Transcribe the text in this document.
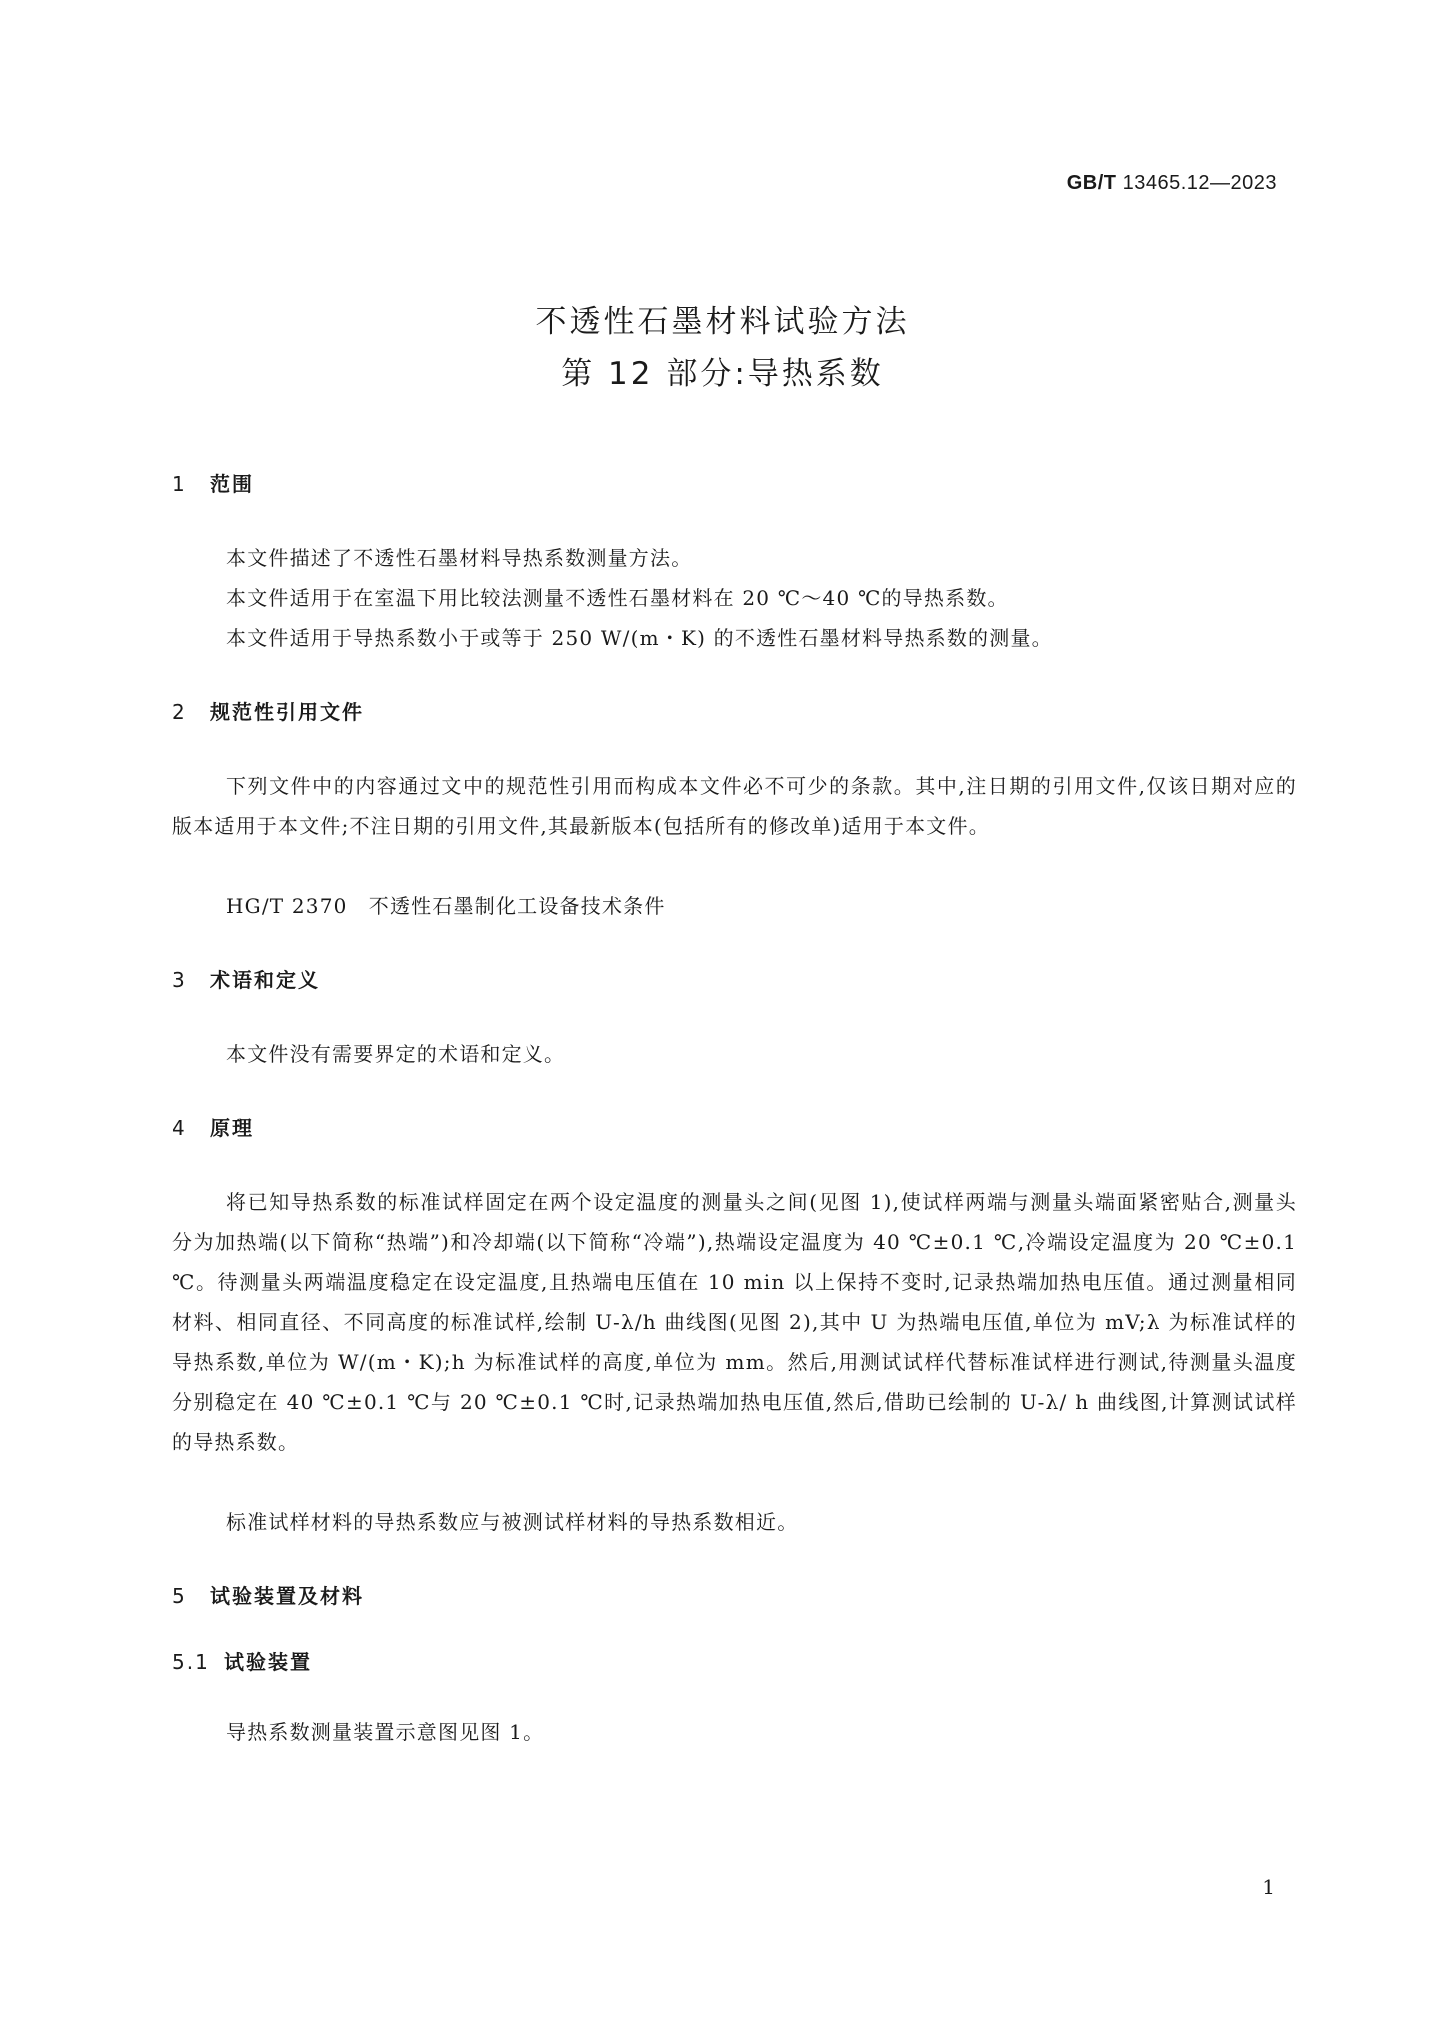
GB/T 13465.12—2023
不透性石墨材料试验方法
第 12 部分:导热系数
1 范围
本文件描述了不透性石墨材料导热系数测量方法。
本文件适用于在室温下用比较法测量不透性石墨材料在 20 ℃～40 ℃的导热系数。
本文件适用于导热系数小于或等于 250 W/(m・K) 的不透性石墨材料导热系数的测量。
2 规范性引用文件
下列文件中的内容通过文中的规范性引用而构成本文件必不可少的条款。其中,注日期的引用文件,仅该日期对应的版本适用于本文件;不注日期的引用文件,其最新版本(包括所有的修改单)适用于本文件。
HG/T 2370　不透性石墨制化工设备技术条件
3 术语和定义
本文件没有需要界定的术语和定义。
4 原理
将已知导热系数的标准试样固定在两个设定温度的测量头之间(见图 1),使试样两端与测量头端面紧密贴合,测量头分为加热端(以下简称“热端”)和冷却端(以下简称“冷端”),热端设定温度为 40 ℃±0.1 ℃,冷端设定温度为 20 ℃±0.1 ℃。待测量头两端温度稳定在设定温度,且热端电压值在 10 min 以上保持不变时,记录热端加热电压值。通过测量相同材料、相同直径、不同高度的标准试样,绘制 U-λ/h 曲线图(见图 2),其中 U 为热端电压值,单位为 mV;λ 为标准试样的导热系数,单位为 W/(m・K);h 为标准试样的高度,单位为 mm。然后,用测试试样代替标准试样进行测试,待测量头温度分别稳定在 40 ℃±0.1 ℃与 20 ℃±0.1 ℃时,记录热端加热电压值,然后,借助已绘制的 U-λ/ h 曲线图,计算测试试样的导热系数。
标准试样材料的导热系数应与被测试样材料的导热系数相近。
5 试验装置及材料
5.1 试验装置
导热系数测量装置示意图见图 1。
1
